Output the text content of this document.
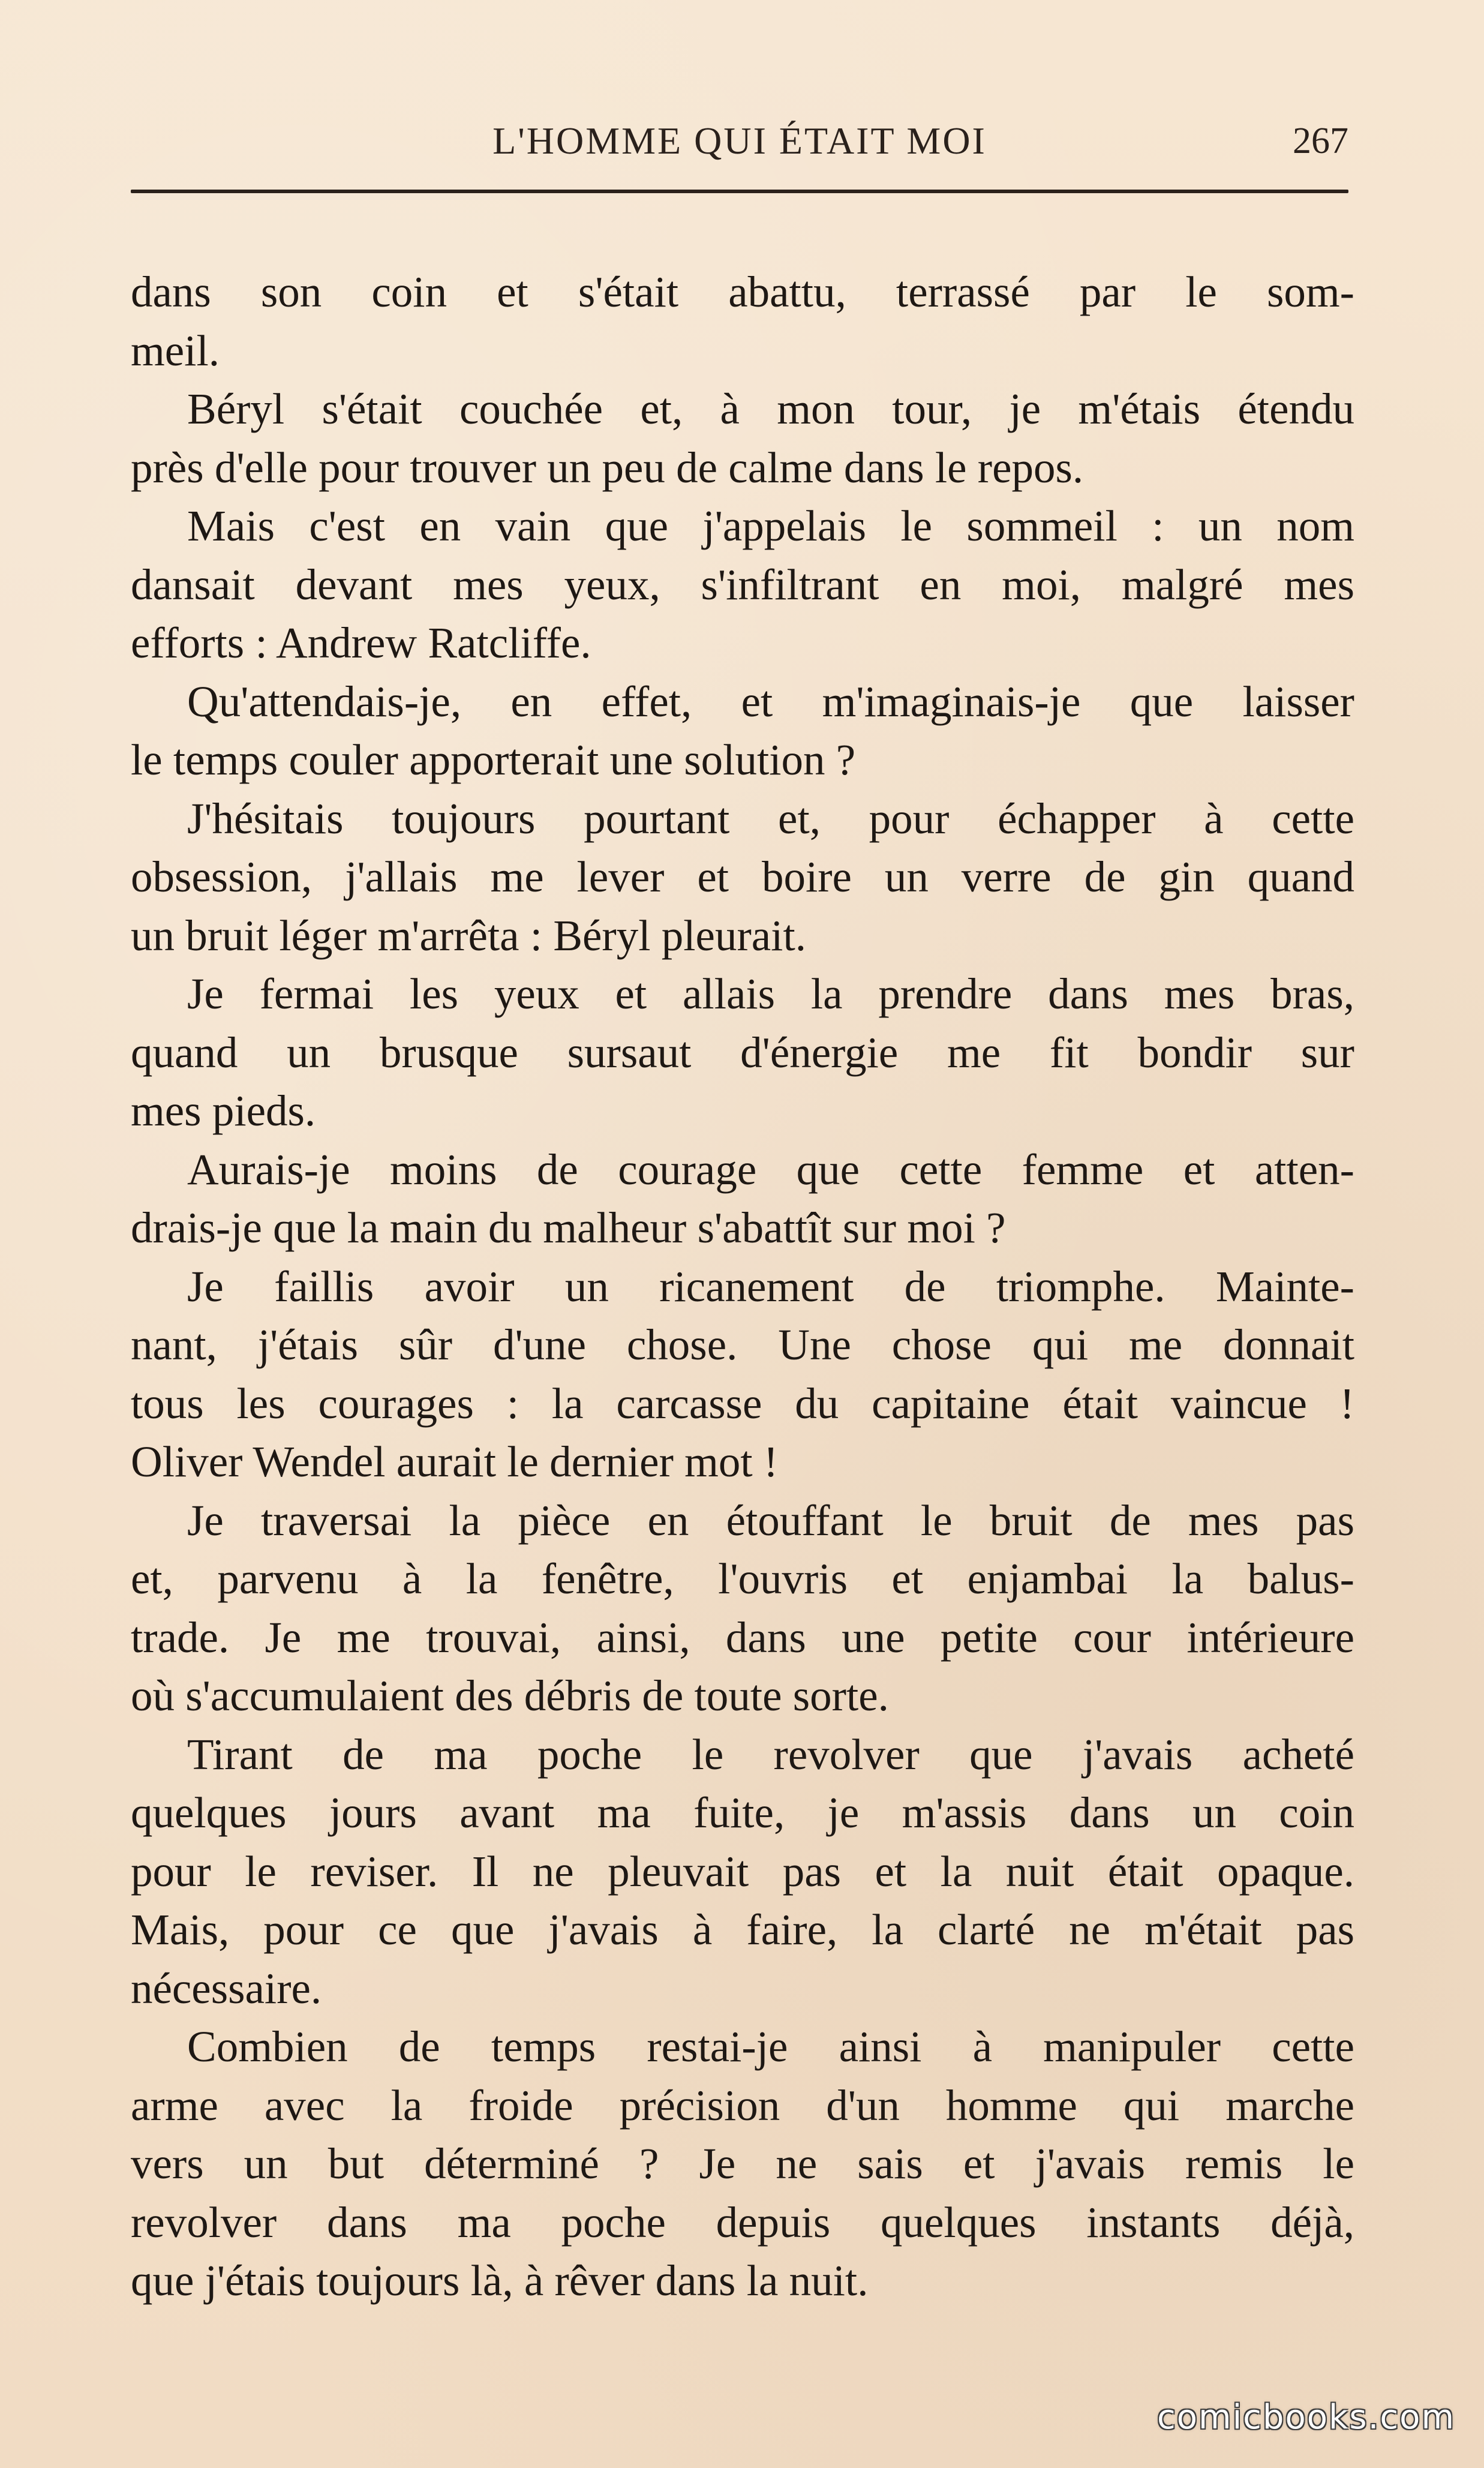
L'HOMME QUI ÉTAIT MOI	267
dans son coin et s'était abattu, terrassé par le som-
meil.
Béryl s'était couchée et, à mon tour, je m'étais étendu
près d'elle pour trouver un peu de calme dans le repos.
Mais c'est en vain que j'appelais le sommeil : un nom
dansait devant mes yeux, s'infiltrant en moi, malgré mes
efforts : Andrew Ratcliffe.
Qu'attendais-je, en effet, et m'imaginais-je que laisser
le temps couler apporterait une solution ?
J'hésitais toujours pourtant et, pour échapper à cette
obsession, j'allais me lever et boire un verre de gin quand
un bruit léger m'arrêta : Béryl pleurait.
Je fermai les yeux et allais la prendre dans mes bras,
quand un brusque sursaut d'énergie me fit bondir sur
mes pieds.
Aurais-je moins de courage que cette femme et atten-
drais-je que la main du malheur s'abattît sur moi ?
Je faillis avoir un ricanement de triomphe. Mainte-
nant, j'étais sûr d'une chose. Une chose qui me donnait
tous les courages : la carcasse du capitaine était vaincue !
Oliver Wendel aurait le dernier mot !
Je traversai la pièce en étouffant le bruit de mes pas
et, parvenu à la fenêtre, l'ouvris et enjambai la balus-
trade. Je me trouvai, ainsi, dans une petite cour intérieure
où s'accumulaient des débris de toute sorte.
Tirant de ma poche le revolver que j'avais acheté
quelques jours avant ma fuite, je m'assis dans un coin
pour le reviser. Il ne pleuvait pas et la nuit était opaque.
Mais, pour ce que j'avais à faire, la clarté ne m'était pas
nécessaire.
Combien de temps restai-je ainsi à manipuler cette
arme avec la froide précision d'un homme qui marche
vers un but déterminé ? Je ne sais et j'avais remis le
revolver dans ma poche depuis quelques instants déjà,
que j'étais toujours là, à rêver dans la nuit.
comicbooks.com
